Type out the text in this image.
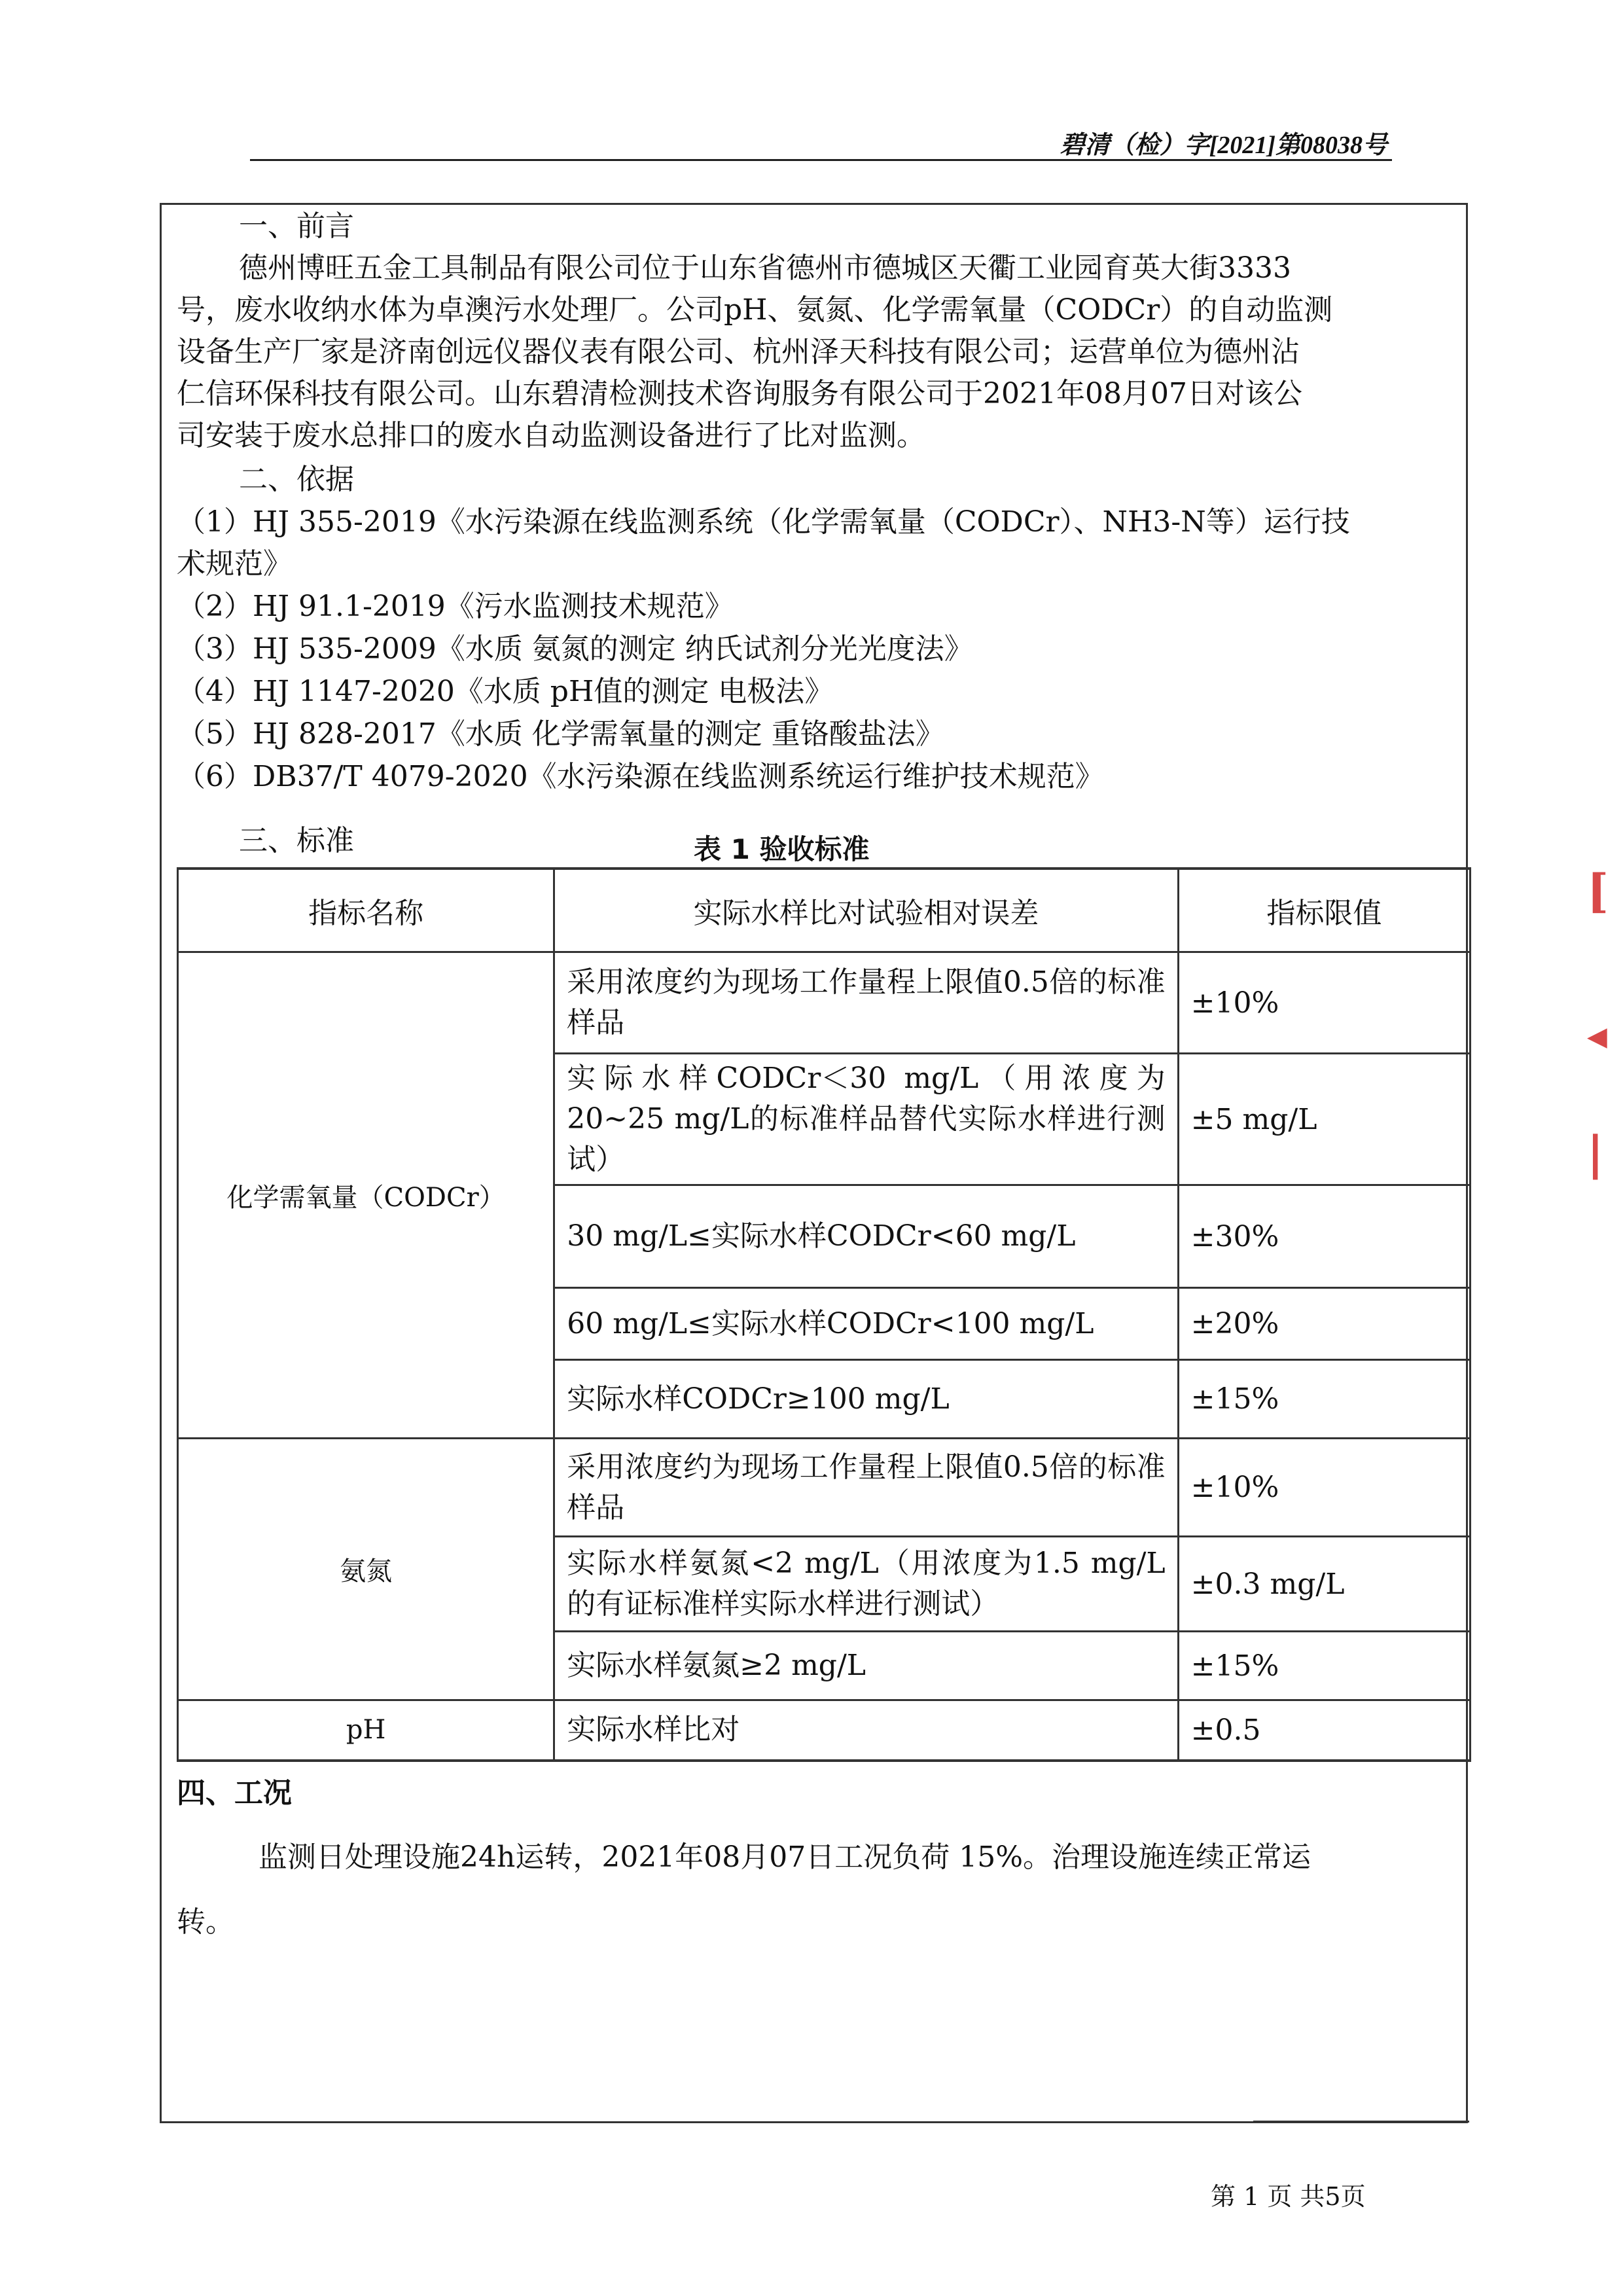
碧清（检）字[2021]第08038号
一、前言
德州博旺五金工具制品有限公司位于山东省德州市德城区天衢工业园育英大街3333
号，废水收纳水体为卓澳污水处理厂。公司pH、氨氮、化学需氧量（CODCr）的自动监测
设备生产厂家是济南创远仪器仪表有限公司、杭州泽天科技有限公司；运营单位为德州沾
仁信环保科技有限公司。山东碧清检测技术咨询服务有限公司于2021年08月07日对该公
司安装于废水总排口的废水自动监测设备进行了比对监测。
二、依据
（1）HJ 355-2019《水污染源在线监测系统（化学需氧量（CODCr）、NH3-N等）运行技
术规范》
（2）HJ 91.1-2019《污水监测技术规范》
（3）HJ 535-2009《水质 氨氮的测定 纳氏试剂分光光度法》
（4）HJ 1147-2020《水质 pH值的测定 电极法》
（5）HJ 828-2017《水质 化学需氧量的测定 重铬酸盐法》
（6）DB37/T 4079-2020《水污染源在线监测系统运行维护技术规范》
三、标准	表 1 验收标准
指标名称	实际水样比对试验相对误差	指标限值
化学需氧量（CODCr）	采用浓度约为现场工作量程上限值0.5倍的标准样品	±10%
	实际水样CODCr＜30 mg/L（用浓度为20~25 mg/L的标准样品替代实际水样进行测试）	±5 mg/L
	30 mg/L≤实际水样CODCr<60 mg/L	±30%
	60 mg/L≤实际水样CODCr<100 mg/L	±20%
	实际水样CODCr≥100 mg/L	±15%
氨氮	采用浓度约为现场工作量程上限值0.5倍的标准样品	±10%
	实际水样氨氮<2 mg/L（用浓度为1.5 mg/L的有证标准样实际水样进行测试）	±0.3 mg/L
	实际水样氨氮≥2 mg/L	±15%
pH	实际水样比对	±0.5
四、工况
监测日处理设施24h运转，2021年08月07日工况负荷 15%。治理设施连续正常运
转。
[
◀
|
第 1 页 共5页
